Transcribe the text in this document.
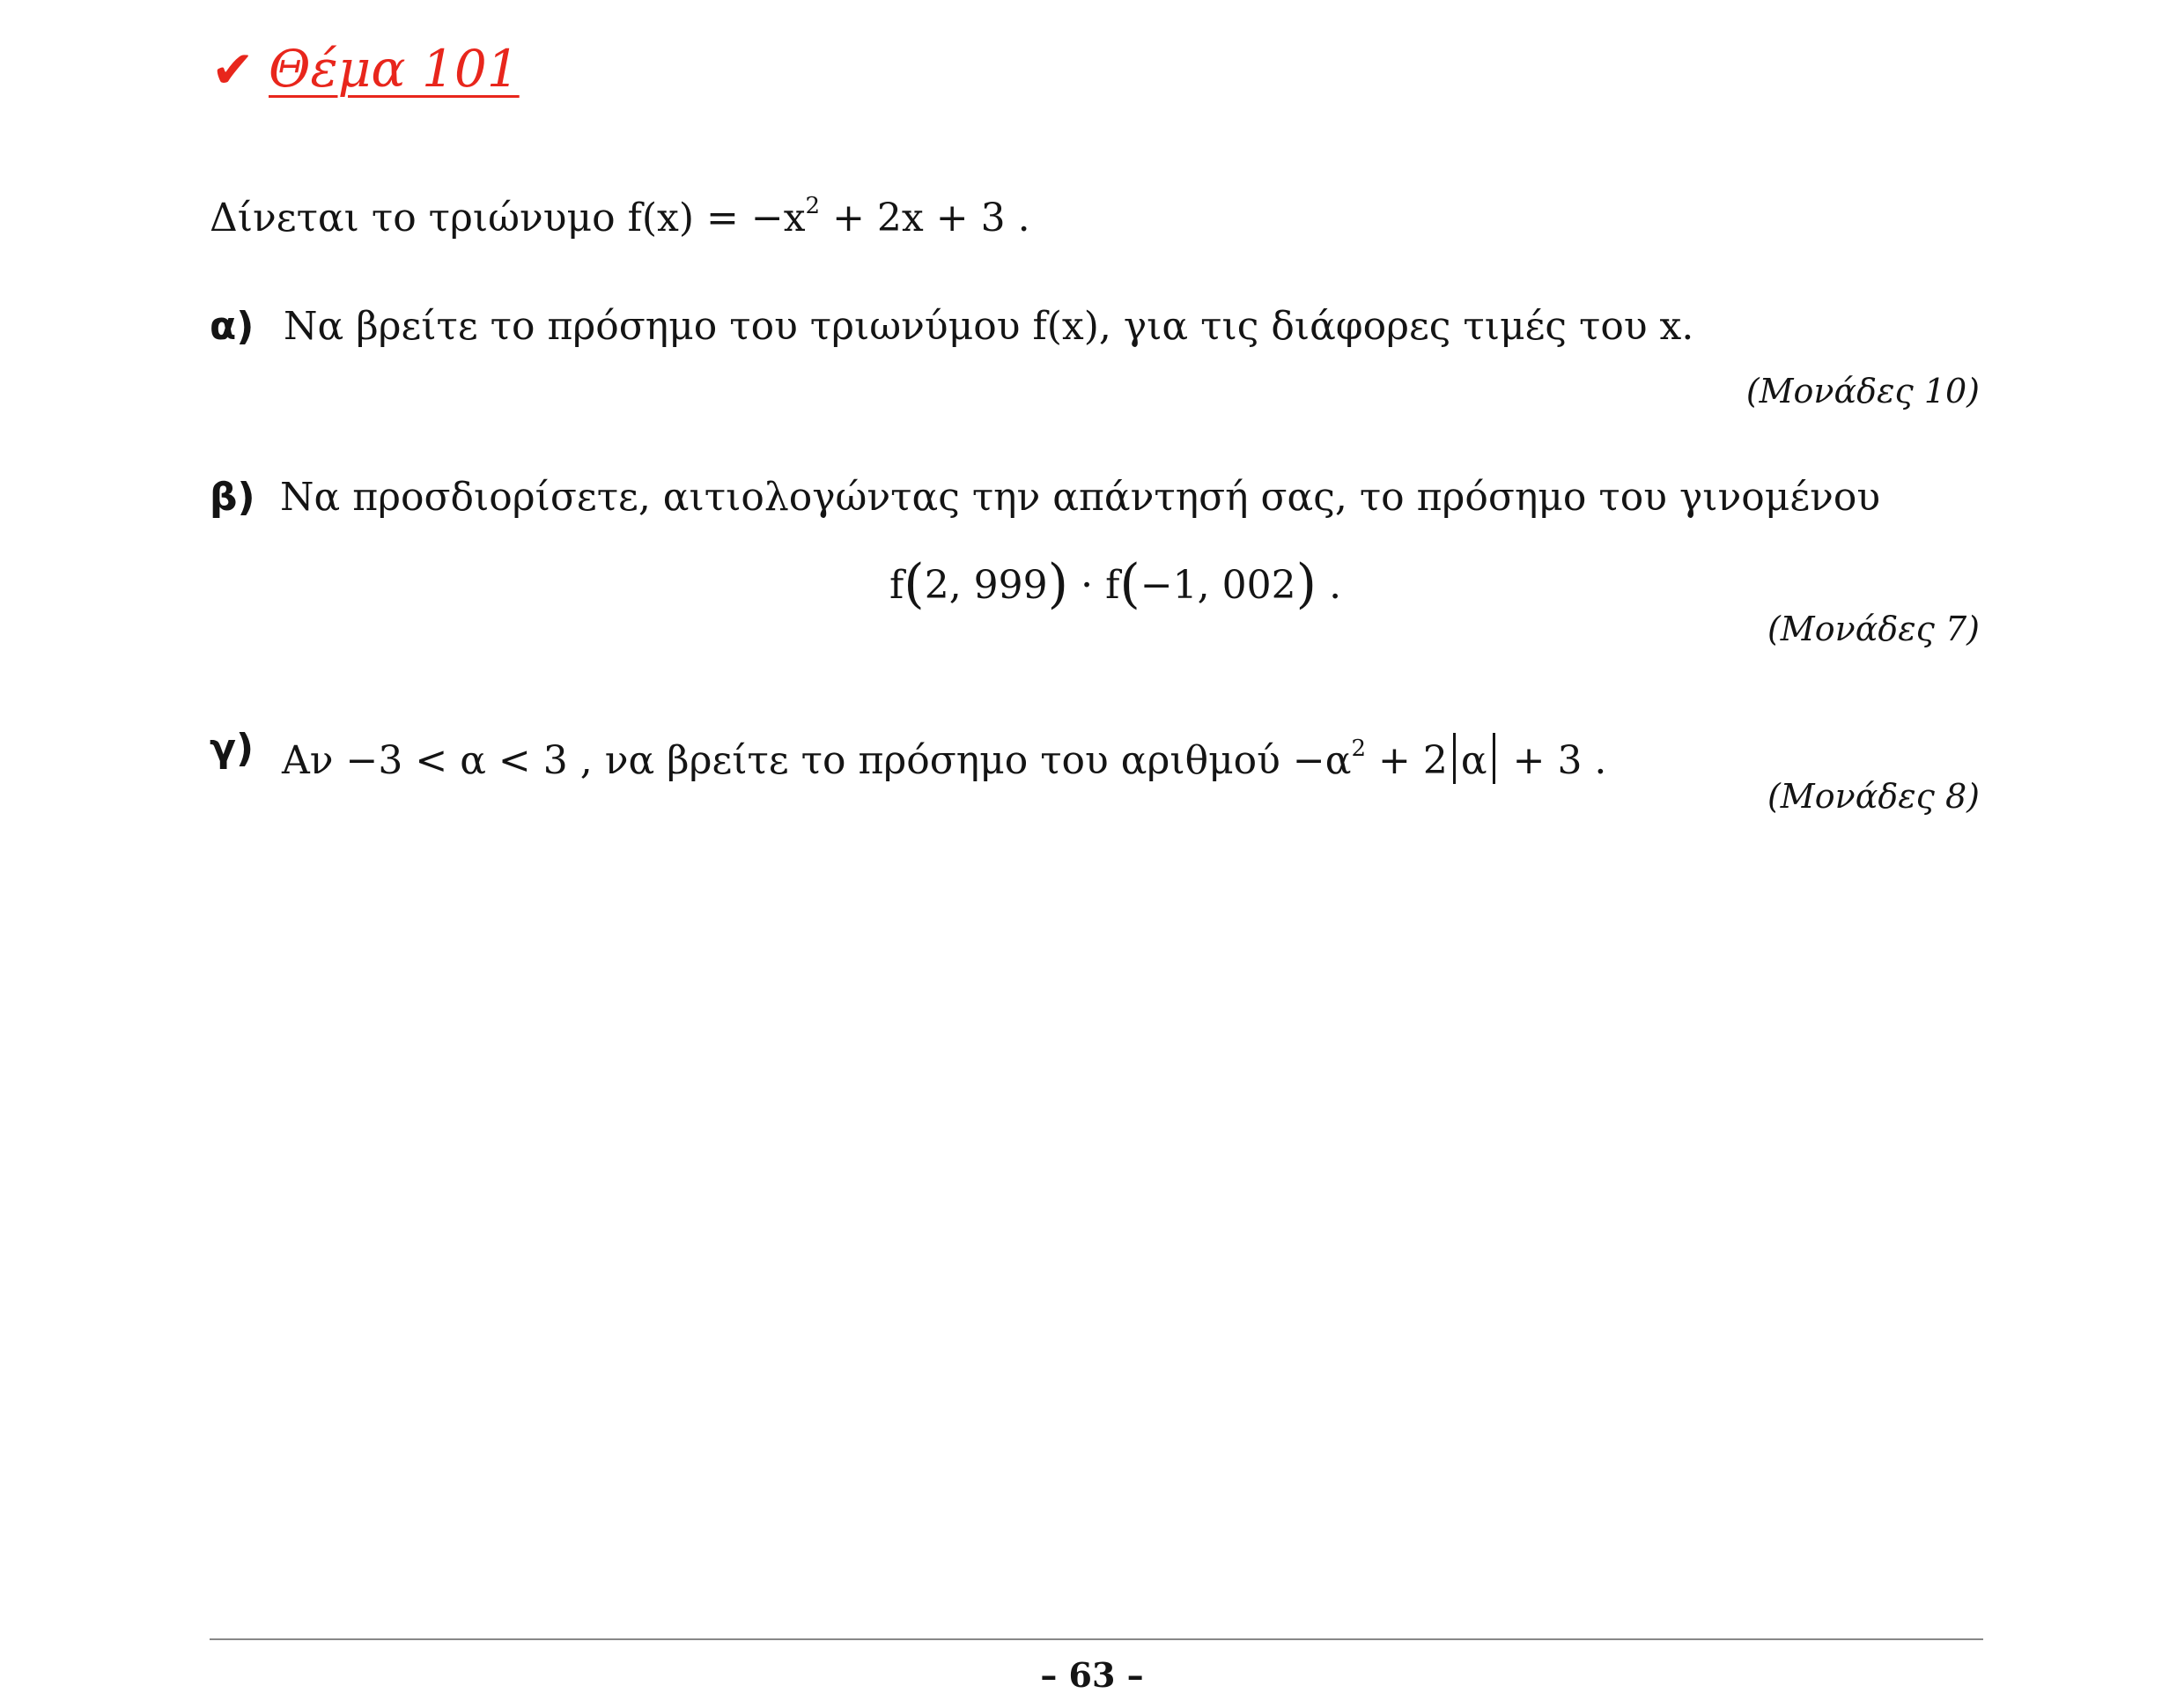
✔ Θέμα 101
Δίνεται το τριώνυμο $f(x) = -x^2 + 2x + 3$ .
α) Να βρείτε το πρόσημο του τριωνύμου f(x), για τις διάφορες τιμές του x.
(Μονάδες 10)
β) Να προσδιορίσετε, αιτιολογώντας την απάντησή σας, το πρόσημο του γινομένου
f(2, 999) · f(−1, 002) .
(Μονάδες 7)
γ) Αν −3 < α < 3 , να βρείτε το πρόσημο του $\alpha\rho\iota\theta\mu oύ -\alpha^2 + 2$ α + 3 .
(Μονάδες 8)
– 63 –
